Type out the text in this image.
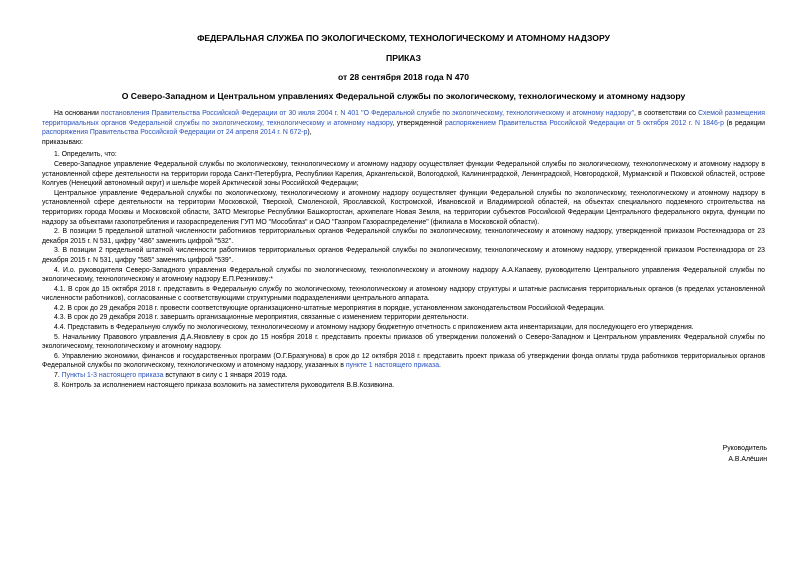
ФЕДЕРАЛЬНАЯ СЛУЖБА ПО ЭКОЛОГИЧЕСКОМУ, ТЕХНОЛОГИЧЕСКОМУ И АТОМНОМУ НАДЗОРУ
ПРИКАЗ
от 28 сентября 2018 года N 470
О Северо-Западном и Центральном управлениях Федеральной службы по экологическому, технологическому и атомному надзору

На основании постановления Правительства Российской Федерации от 30 июля 2004 г. N 401 "О Федеральной службе по экологическому, технологическому и атомному надзору", в соответствии со Схемой размещения территориальных органов Федеральной службы по экологическому, технологическому и атомному надзору, утвержденной распоряжением Правительства Российской Федерации от 5 октября 2012 г. N 1846-р (в редакции распоряжения Правительства Российской Федерации от 24 апреля 2014 г. N 672-р),

приказываю:

1. Определить, что:

Северо-Западное управление Федеральной службы по экологическому, технологическому и атомному надзору осуществляет функции Федеральной службы по экологическому, технологическому и атомному надзору в установленной сфере деятельности на территории города Санкт-Петербурга, Республики Карелия, Архангельской, Вологодской, Калининградской, Ленинградской, Новгородской, Мурманской и Псковской областей, острове Колгуев (Ненецкий автономный округ) и шельфе морей Арктической зоны Российской Федерации;

Центральное управление Федеральной службы по экологическому, технологическому и атомному надзору осуществляет функции Федеральной службы по экологическому, технологическому и атомному надзору в установленной сфере деятельности на территории Московской, Тверской, Смоленской, Ярославской, Костромской, Ивановской и Владимирской областей, на объектах специального подземного строительства на территориях города Москвы и Московской области, ЗАТО Межгорье Республики Башкортостан, архипелаге Новая Земля, на территории субъектов Российской Федерации Центрального федерального округа, функции по надзору за объектами газопотребления и газораспределения ГУП МО "Мособлгаз" и ОАО "Газпром Газораспределение" (филиала в Московской области).

2. В позиции 5 предельной штатной численности работников территориальных органов Федеральной службы по экологическому, технологическому и атомному надзору, утвержденной приказом Ростехнадзора от 23 декабря 2015 г. N 531, цифру "486" заменить цифрой "532".

3. В позиции 2 предельной штатной численности работников территориальных органов Федеральной службы по экологическому, технологическому и атомному надзору, утвержденной приказом Ростехнадзора от 23 декабря 2015 г. N 531, цифру "585" заменить цифрой "539".

4. И.о. руководителя Северо-Западного управления Федеральной службы по экологическому, технологическому и атомному надзору А.А.Капаеву, руководителю Центрального управления Федеральной службы по экологическому, технологическому и атомному надзору Е.П.Резникову:*

4.1. В срок до 15 октября 2018 г. представить в Федеральную службу по экологическому, технологическому и атомному надзору структуры и штатные расписания территориальных органов (в пределах установленной численности работников), согласованные с соответствующими структурными подразделениями центрального аппарата.

4.2. В срок до 29 декабря 2018 г. провести соответствующие организационно-штатные мероприятия в порядке, установленном законодательством Российской Федерации.

4.3. В срок до 29 декабря 2018 г. завершить организационные мероприятия, связанные с изменением территории деятельности.

4.4. Представить в Федеральную службу по экологическому, технологическому и атомному надзору бюджетную отчетность с приложением акта инвентаризации, для последующего его утверждения.

5. Начальнику Правового управления Д.А.Яковлеву в срок до 15 ноября 2018 г. представить проекты приказов об утверждении положений о Северо-Западном и Центральном управлениях Федеральной службы по экологическому, технологическому и атомному надзору.

6. Управлению экономики, финансов и государственных программ (О.Г.Бразгунова) в срок до 12 октября 2018 г. представить проект приказа об утверждении фонда оплаты труда работников территориальных органов Федеральной службы по экологическому, технологическому и атомному надзору, указанных в пункте 1 настоящего приказа.

7. Пункты 1-3 настоящего приказа вступают в силу с 1 января 2019 года.

8. Контроль за исполнением настоящего приказа возложить на заместителя руководителя В.В.Козивкина.

Руководитель
А.В.Алёшин
